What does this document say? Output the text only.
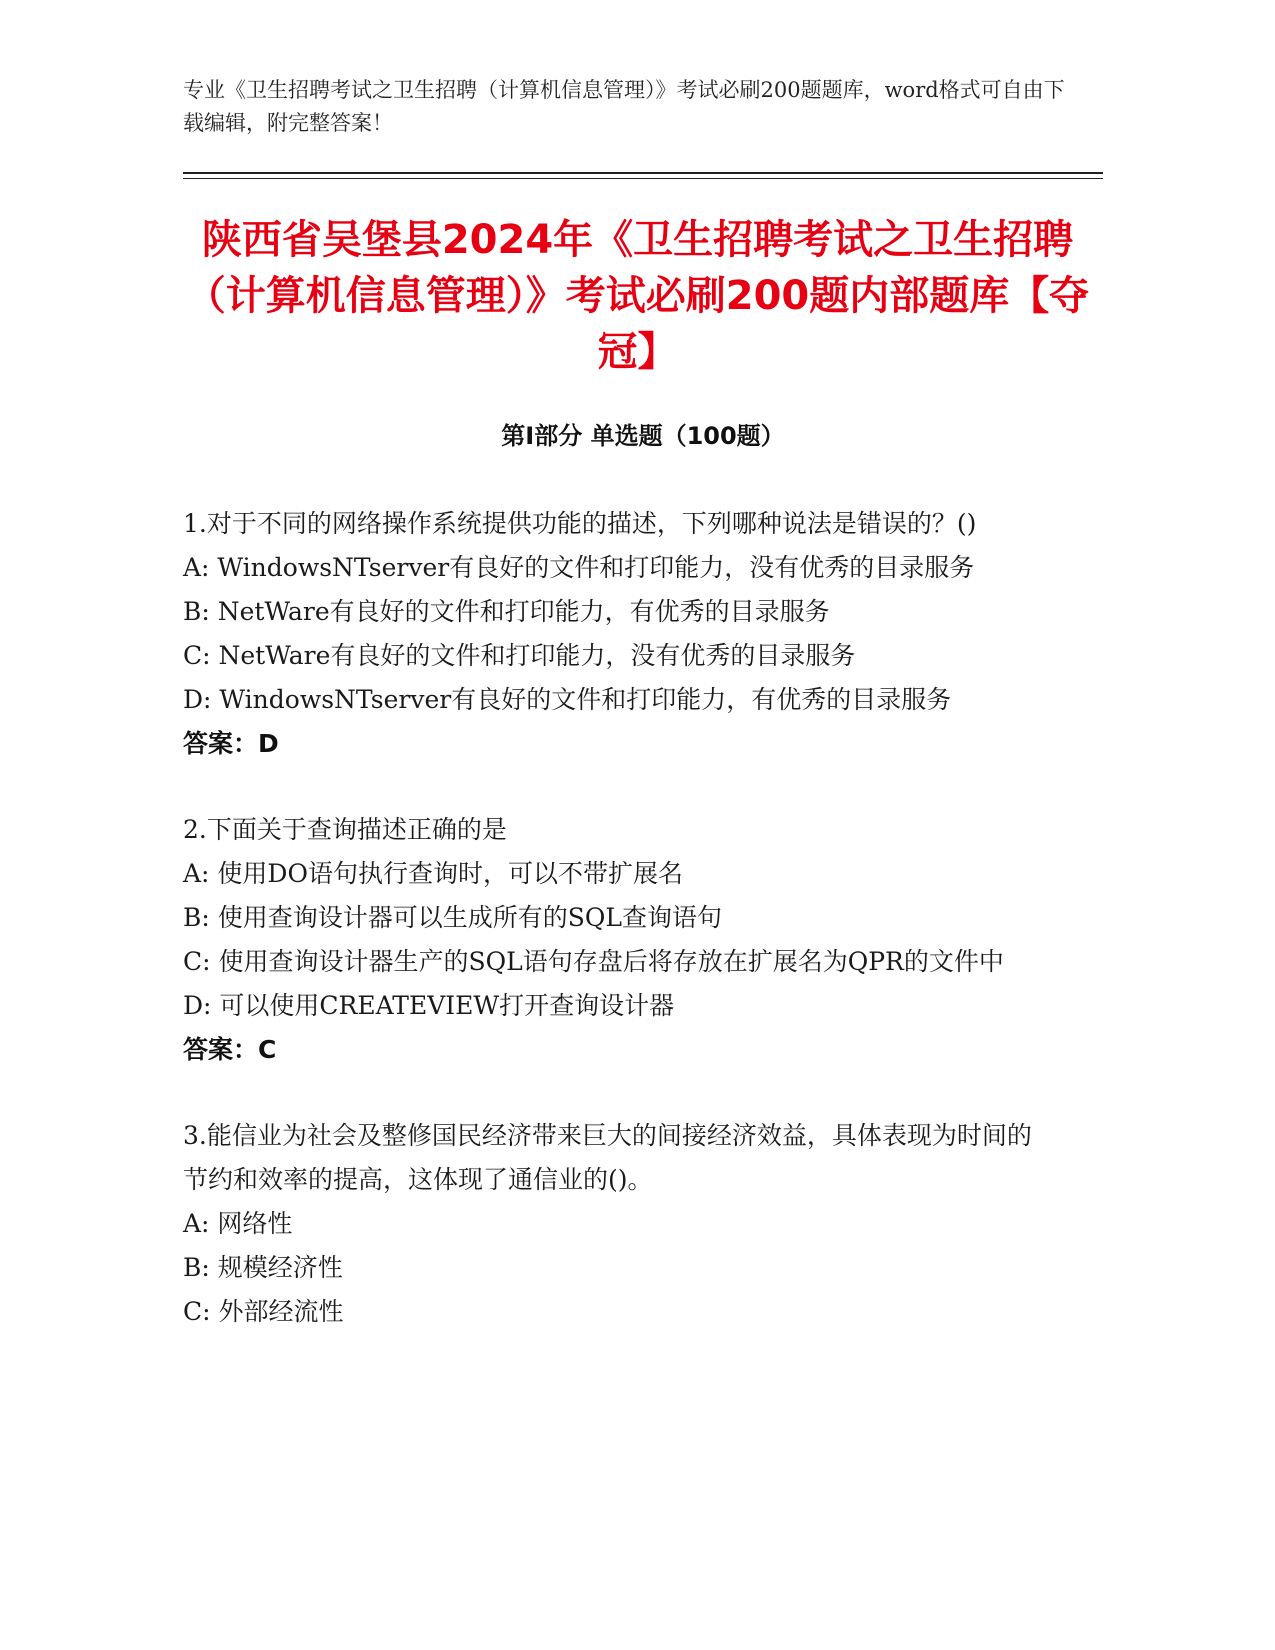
专业《卫生招聘考试之卫生招聘（计算机信息管理）》考试必刷200题题库，word格式可自由下载编辑，附完整答案！
陕西省吴堡县2024年《卫生招聘考试之卫生招聘（计算机信息管理）》考试必刷200题内部题库【夺冠】
第Ⅰ部分 单选题（100题）

1.对于不同的网络操作系统提供功能的描述，下列哪种说法是错误的？()

A: WindowsNTserver有良好的文件和打印能力，没有优秀的目录服务

B: NetWare有良好的文件和打印能力，有优秀的目录服务

C: NetWare有良好的文件和打印能力，没有优秀的目录服务

D: WindowsNTserver有良好的文件和打印能力，有优秀的目录服务

答案：D

2.下面关于查询描述正确的是

A: 使用DO语句执行查询时，可以不带扩展名

B: 使用查询设计器可以生成所有的SQL查询语句

C: 使用查询设计器生产的SQL语句存盘后将存放在扩展名为QPR的文件中

D: 可以使用CREATEVIEW打开查询设计器

答案：C

3.能信业为社会及整修国民经济带来巨大的间接经济效益，具体表现为时间的节约和效率的提高，这体现了通信业的()。

A: 网络性

B: 规模经济性

C: 外部经流性
